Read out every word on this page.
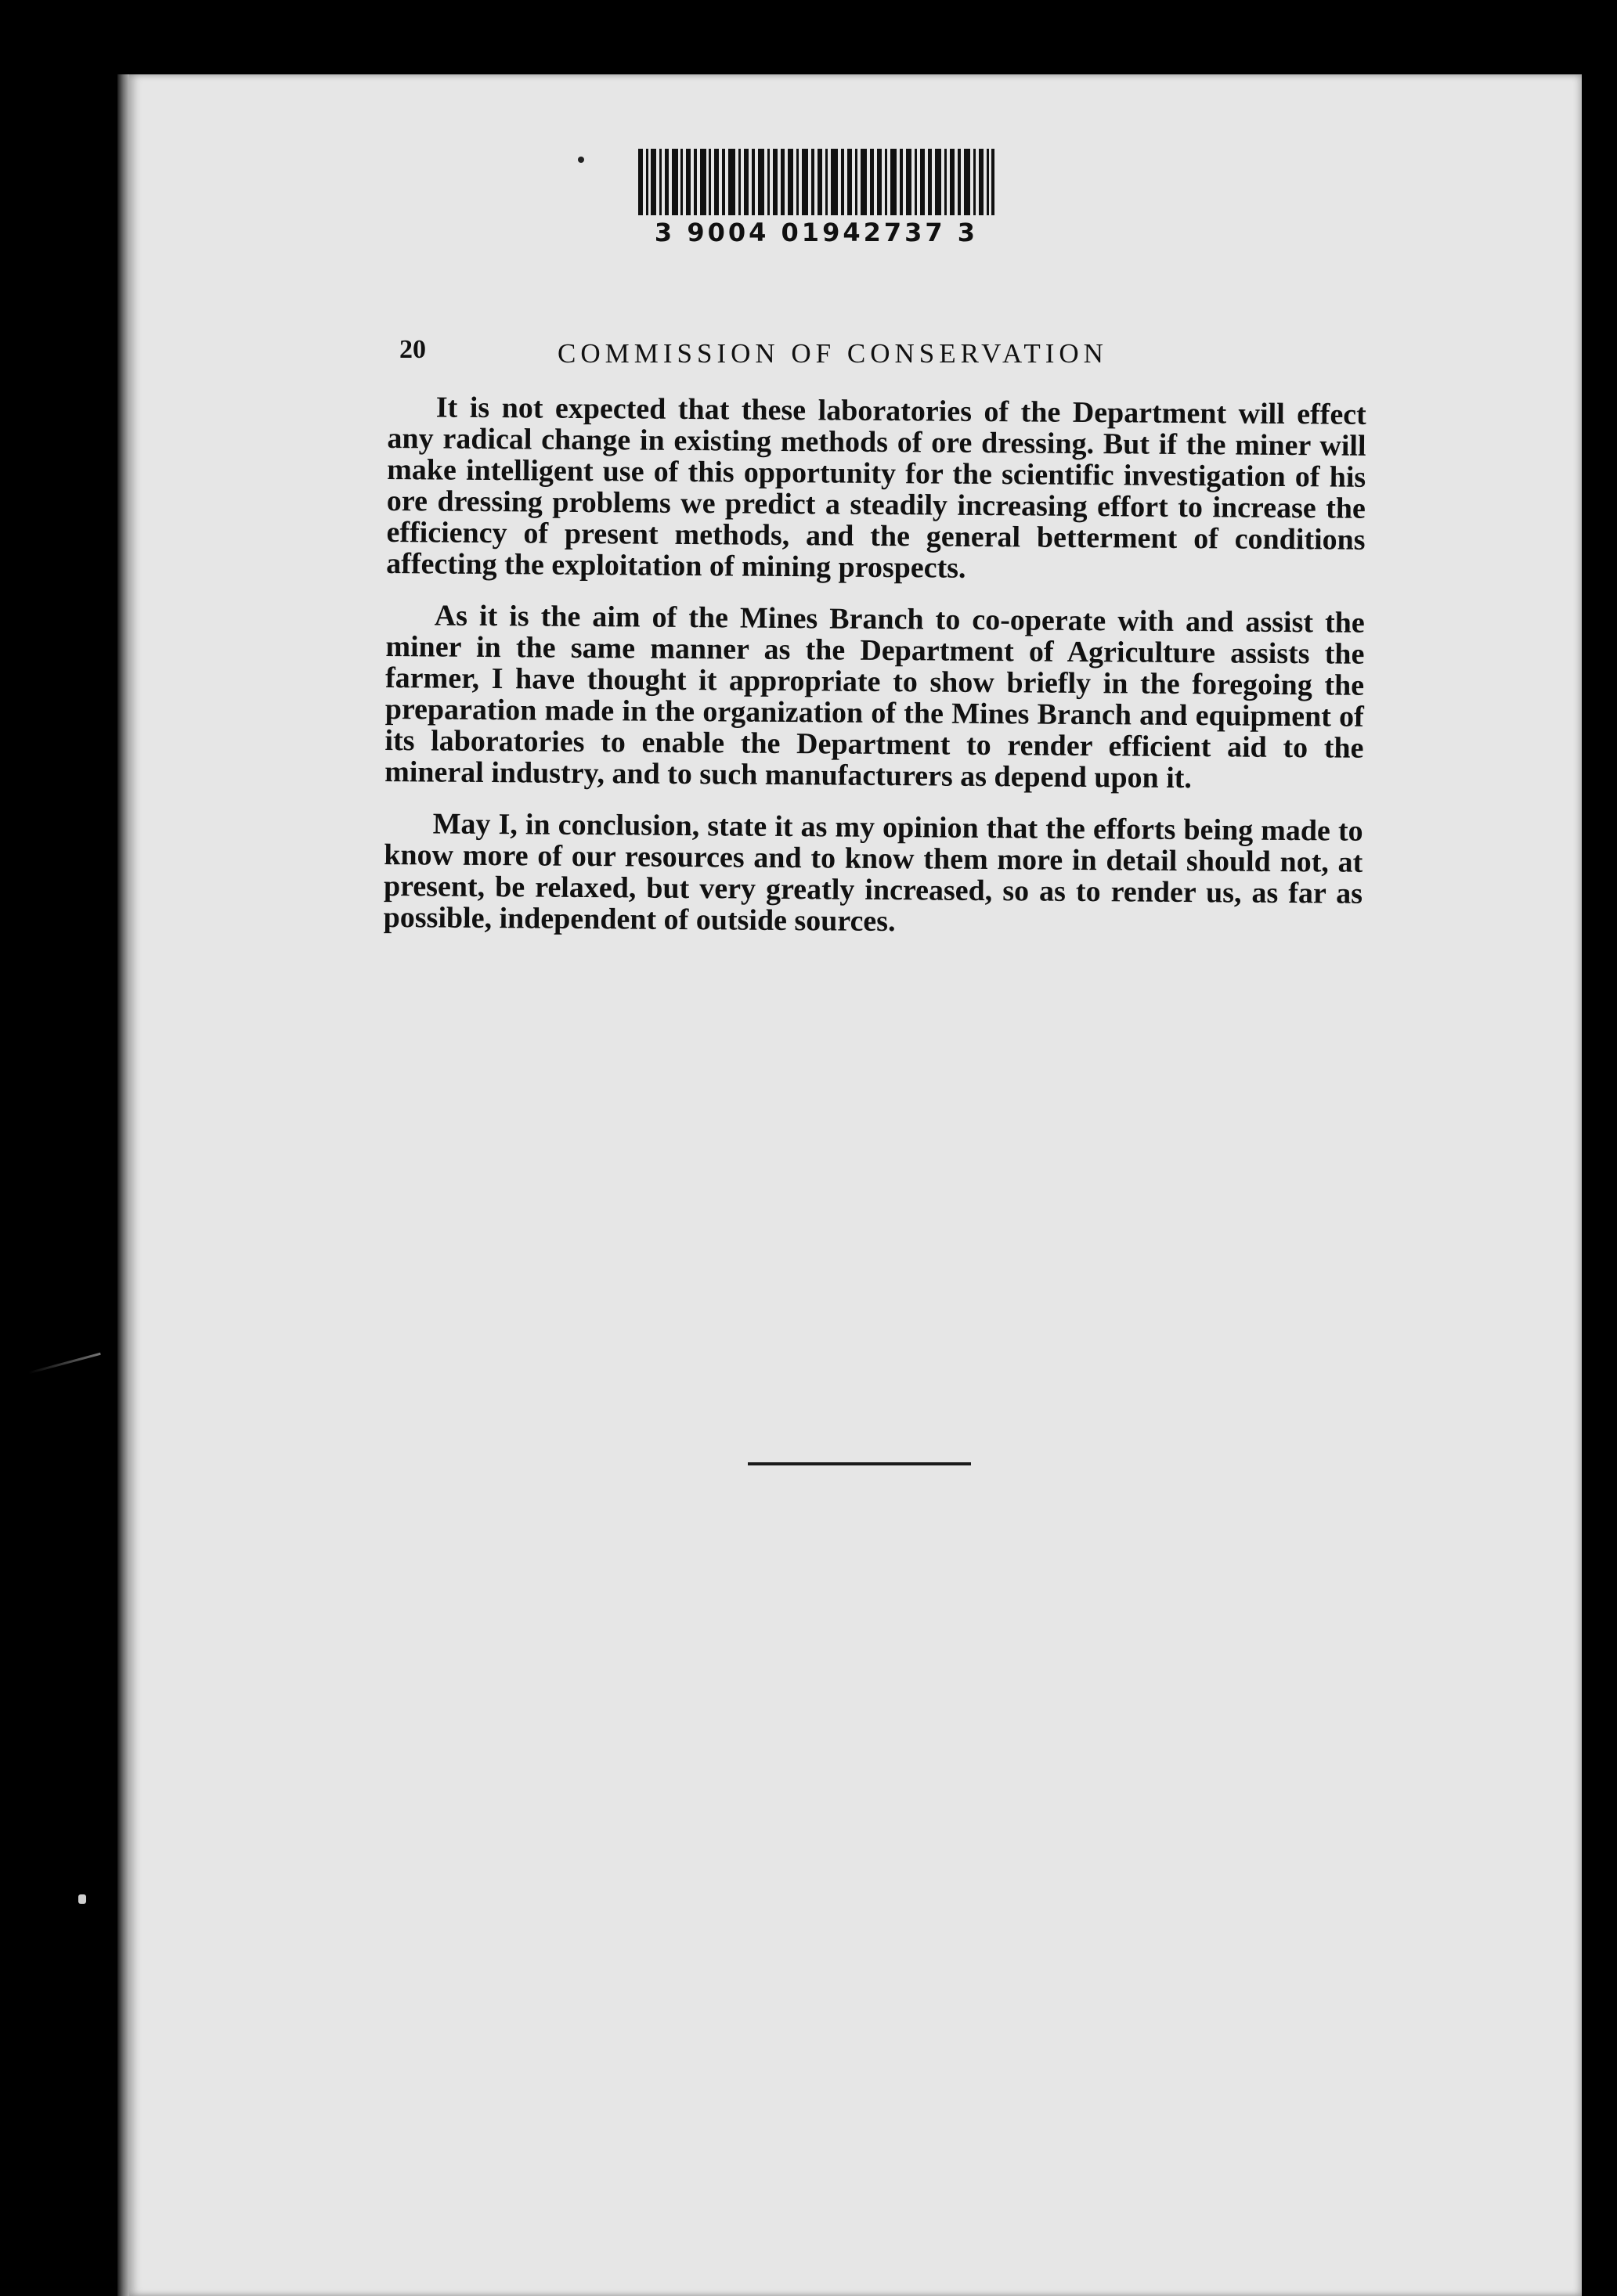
3 9004 01942737 3
20	COMMISSION OF CONSERVATION

It is not expected that these laboratories of the Department will effect any radical change in existing methods of ore dressing. But if the miner will make intelligent use of this opportunity for the scientific investigation of his ore dressing problems we predict a steadily increasing effort to increase the efficiency of present methods, and the general betterment of conditions affecting the exploitation of mining prospects.

As it is the aim of the Mines Branch to co-operate with and assist the miner in the same manner as the Department of Agriculture assists the farmer, I have thought it appropriate to show briefly in the foregoing the preparation made in the organization of the Mines Branch and equipment of its laboratories to enable the Department to render efficient aid to the mineral industry, and to such manufacturers as depend upon it.

May I, in conclusion, state it as my opinion that the efforts being made to know more of our resources and to know them more in detail should not, at present, be relaxed, but very greatly increased, so as to render us, as far as possible, independent of outside sources.
